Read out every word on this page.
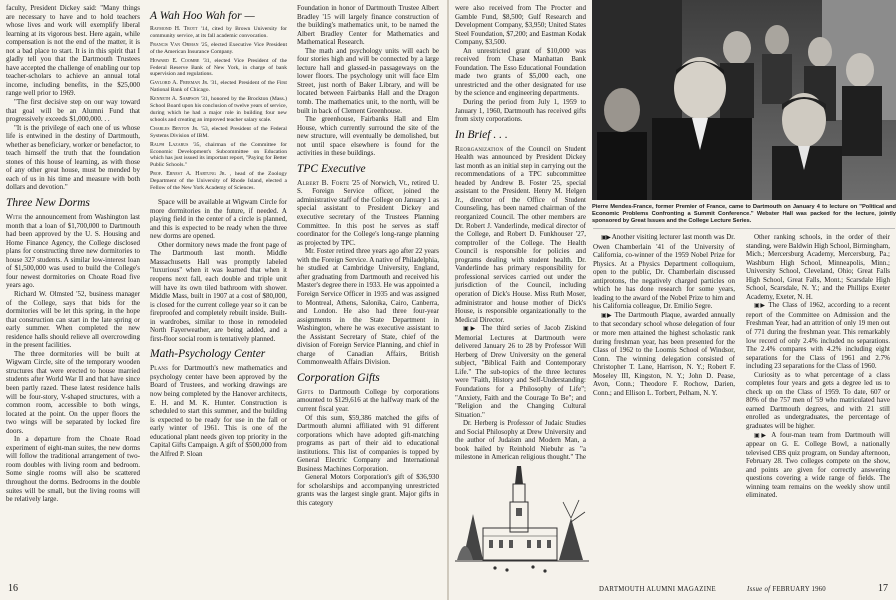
faculty, President Dickey said: "Many things are necessary to have and to hold teachers whose lives and work will exemplify liberal learning at its vigorous best. Here again, while compensation is not the end of the matter, it is not a bad place to start. It is in this spirit that I gladly tell you that the Dartmouth Trustees have accepted the challenge of enabling our top teacher-scholars to achieve an annual total income, including benefits, in the $25,000 range well prior to 1969.

"The first decisive step on our way toward that goal will be an Alumni Fund that progressively exceeds $1,000,000. . .

"It is the privilege of each one of us whose life is entwined in the destiny of Dartmouth, whether as beneficiary, worker or benefactor, to teach himself the truth that the foundation stones of this house of learning, as with those of any other great house, must be mended by each of us in his time and measure with both dollars and devotion."

Three New Dorms

With the announcement from Washington last month that a loan of $1,700,000 to Dartmouth had been approved by the U. S. Housing and Home Finance Agency, the College disclosed plans for constructing three new dormitories to house 327 students. A similar low-interest loan of $1,500,000 was used to build the College's four newest dormitories on Choate Road five years ago.

Richard W. Olmsted '52, business manager of the College, says that bids for the dormitories will be let this spring, in the hope that construction can start in the late spring or early summer. When completed the new residence halls should relieve all overcrowding in the present facilities.

The three dormitories will be built at Wigwam Circle, site of the temporary wooden structures that were erected to house married students after World War II and that have since been partly razed. These latest residence halls will be four-story, V-shaped structures, with a common room, accessible to both wings, located at the point. On the upper floors the two wings will be separated by locked fire doors.

In a departure from the Choate Road experiment of eight-man suites, the new dorms will follow the traditional arrangement of two-room doubles with living room and bedroom. Some single rooms will also be scattered throughout the dorms. Bedrooms in the double suites will be small, but the living rooms will be relatively large.

A Wah Hoo Wah for —
Raymond H. Trott '14, cited by Brown University for community service, at its fall academic convocation.
Francis Van Orman '25, elected Executive Vice President of the American Insurance Company.
Howard E. Coombe '31, elected Vice President of the Federal Reserve Bank of New York, in charge of bank supervision and regulations.
Gaylord A. Freeman Jr. '31, elected President of the First National Bank of Chicago.
Kenneth A. Sampson '31, honored by the Brockton (Mass.) School Board upon his conclusion of twelve years of service, during which he had a major role in building four new schools and creating an improved teacher salary scale.
Charles Benton Jr. '53, elected President of the Federal Systems Division of IBM.
Ralph Lazarus '35, chairman of the Committee for Economic Development's Subcommittee on Education which has just issued its important report, "Paying for Better Public Schools."
Prof. Ernest A. Hartung Jr. , head of the Zoology Department of the University of Rhode Island, elected a Fellow of the New York Academy of Sciences.

Space will be available at Wigwam Circle for more dormitories in the future, if needed. A playing field in the center of a circle is planned, and this is expected to be ready when the three new dorms are opened.

Other dormitory news made the front page of The Dartmouth last month. Middle Massachusetts Hall was promptly labeled "luxurious" when it was learned that when it reopens next fall, each double and triple unit will have its own tiled bathroom with shower. Middle Mass, built in 1907 at a cost of $80,000, is closed for the current college year so it can be fireproofed and completely rebuilt inside. Built-in wardrobes, similar to those in remodeled North Fayerweather, are being added, and a first-floor social room is tentatively planned.

Math-Psychology Center

Plans for Dartmouth's new mathematics and psychology center have been approved by the Board of Trustees, and working drawings are now being completed by the Hanover architects, E. H. and M. K. Hunter. Construction is scheduled to start this summer, and the building is expected to be ready for use in the fall or early winter of 1961. This is one of the educational plant needs given top priority in the Capital Gifts Campaign. A gift of $500,000 from the Alfred P. Sloan

Foundation in honor of Dartmouth Trustee Albert Bradley '15 will largely finance construction of the building's mathematics unit, to be named the Albert Bradley Center for Mathematics and Mathematical Research.

The math and psychology units will each be four stories high and will be connected by a large lecture hall and glassed-in passageways on the lower floors. The psychology unit will face Elm Street, just north of Baker Library, and will be located between Fairbanks Hall and the Dragon tomb. The mathematics unit, to the north, will be built in back of Clement Greenhouse.

The greenhouse, Fairbanks Hall and Elm House, which currently surround the site of the new structure, will eventually be demolished, but not until space elsewhere is found for the activities in these buildings.

TPC Executive

Albert B. Forte '25 of Norwich, Vt., retired U. S. Foreign Service officer, joined the administrative staff of the College on January 1 as special assistant to President Dickey and executive secretary of the Trustees Planning Committee. In this post he serves as staff coordinator for the College's long-range planning as projected by TPC.

Mr. Foster retired three years ago after 22 years with the Foreign Service. A native of Philadelphia, he studied at Cambridge University, England, after graduating from Dartmouth and received his Master's degree there in 1933. He was appointed a Foreign Service Officer in 1935 and was assigned to Montreal, Athens, Salonika, Cairo, Canberra, and London. He also had three four-year assignments in the State Department in Washington, where he was executive assistant to the Assistant Secretary of State, chief of the division of Foreign Service Planning, and chief in charge of Canadian Affairs, British Commonwealth Affairs Division.

Corporation Gifts

Gifts to Dartmouth College by corporations amounted to $129,616 at the halfway mark of the current fiscal year.

Of this sum, $59,386 matched the gifts of Dartmouth alumni affiliated with 91 different corporations which have adopted gift-matching programs as part of their aid to educational institutions. This list of companies is topped by General Electric Company and International Business Machines Corporation.

General Motors Corporation's gift of $36,930 for scholarships and accompanying unrestricted grants was the largest single grant. Major gifts in this category

16

were also received from The Procter and Gamble Fund, $8,500; Gulf Research and Development Company, $3,950; United States Steel Foundation, $7,200; and Eastman Kodak Company, $3,500.

An unrestricted grant of $10,000 was received from Chase Manhattan Bank Foundation. The Esso Educational Foundation made two grants of $5,000 each, one unrestricted and the other designated for use by the science and engineering departments.

During the period from July 1, 1959 to January 1, 1960, Dartmouth has received gifts from sixty corporations.

In Brief . . .

Reorganization of the Council on Student Health was announced by President Dickey last month as an initial step in carrying out the recommendations of a TPC subcommittee headed by Andrew B. Foster '25, special assistant to the President. Henry M. Helgen Jr., director of the Office of Student Counseling, has been named chairman of the reorganized Council. The other members are Dr. Robert J. Vanderlinde, medical director of the College, and Robert D. Funkhouser '27, comptroller of the College. The Health Council is responsible for policies and programs dealing with student health. Dr. Vanderlinde has primary responsibility for professional services carried out under the jurisdiction of the Council, including operation of Dick's House. Miss Ruth Moser, administrator and house mother of Dick's House, is responsible organizationally to the Medical Director.

▣▶ The third series of Jacob Ziskind Memorial Lectures at Dartmouth were delivered January 26 to 28 by Professor Will Herberg of Drew University on the general subject, "Biblical Faith and Contemporary Life." The sub-topics of the three lectures were "Faith, History and Self-Understanding: Foundations for a Philosophy of Life"; "Anxiety, Faith and the Courage To Be"; and "Religion and the Changing Cultural Situation."

Dr. Herberg is Professor of Judaic Studies and Social Philosophy at Drew University and the author of Judaism and Modern Man, a book hailed by Reinhold Niebuhr as "a milestone in American religious thought." The

Pierre Mendes-France, former Premier of France, came to Dartmouth on January 4 to lecture on "Political and Economic Problems Confronting a Summit Conference." Webster Hall was packed for the lecture, jointly sponsored by Great Issues and the College Lecture Series.

▣▶ Another visiting lecturer last month was Dr. Owen Chamberlain '41 of the University of California, co-winner of the 1959 Nobel Prize for Physics. At a Physics Department colloquium, open to the public, Dr. Chamberlain discussed antiprotons, the negatively charged particles on which he has done research for some years, leading to the award of the Nobel Prize to him and his California colleague, Dr. Emilio Segre.

▣▶ The Dartmouth Plaque, awarded annually to that secondary school whose delegation of four or more men attained the highest scholastic rank during freshman year, has been presented for the Class of 1962 to the Loomis School of Windsor, Conn. The winning delegation consisted of Christopher T. Lane, Harrison, N. Y.; Robert F. Moseley III, Kingston, N. Y.; John D. Pease, Avon, Conn.; Theodore F. Rochow, Darien, Conn.; and Ellison L. Torbert, Pelham, N. Y.

Other ranking schools, in the order of their standing, were Baldwin High School, Birmingham, Mich.; Mercersburg Academy, Mercersburg, Pa.; Washburn High School, Minneapolis, Minn.; University School, Cleveland, Ohio; Great Falls High School, Great Falls, Mont.; Scarsdale High School, Scarsdale, N. Y.; and the Phillips Exeter Academy, Exeter, N. H.

▣▶ The Class of 1962, according to a recent report of the Committee on Admission and the Freshman Year, had an attrition of only 19 men out of 771 during the freshman year. This remarkably low record of only 2.4% included no separations. The 2.4% compares with 4.2% including eight separations for the Class of 1961 and 2.7% including 23 separations for the Class of 1960.

Curiosity as to what percentage of a class completes four years and gets a degree led us to check up on the Class of 1959. To date, 607 or 80% of the 757 men of '59 who matriculated have earned Dartmouth degrees, and with 21 still enrolled as undergraduates, the percentage of graduates will be higher.

▣▶ A four-man team from Dartmouth will appear on G. E. College Bowl, a nationally televised CBS quiz program, on Sunday afternoon, February 28. Two colleges compete on the show, and points are given for correctly answering questions covering a wide range of fields. The winning team remains on the weekly show until eliminated.

DARTMOUTH ALUMNI MAGAZINE	Issue of FEBRUARY 1960	17
